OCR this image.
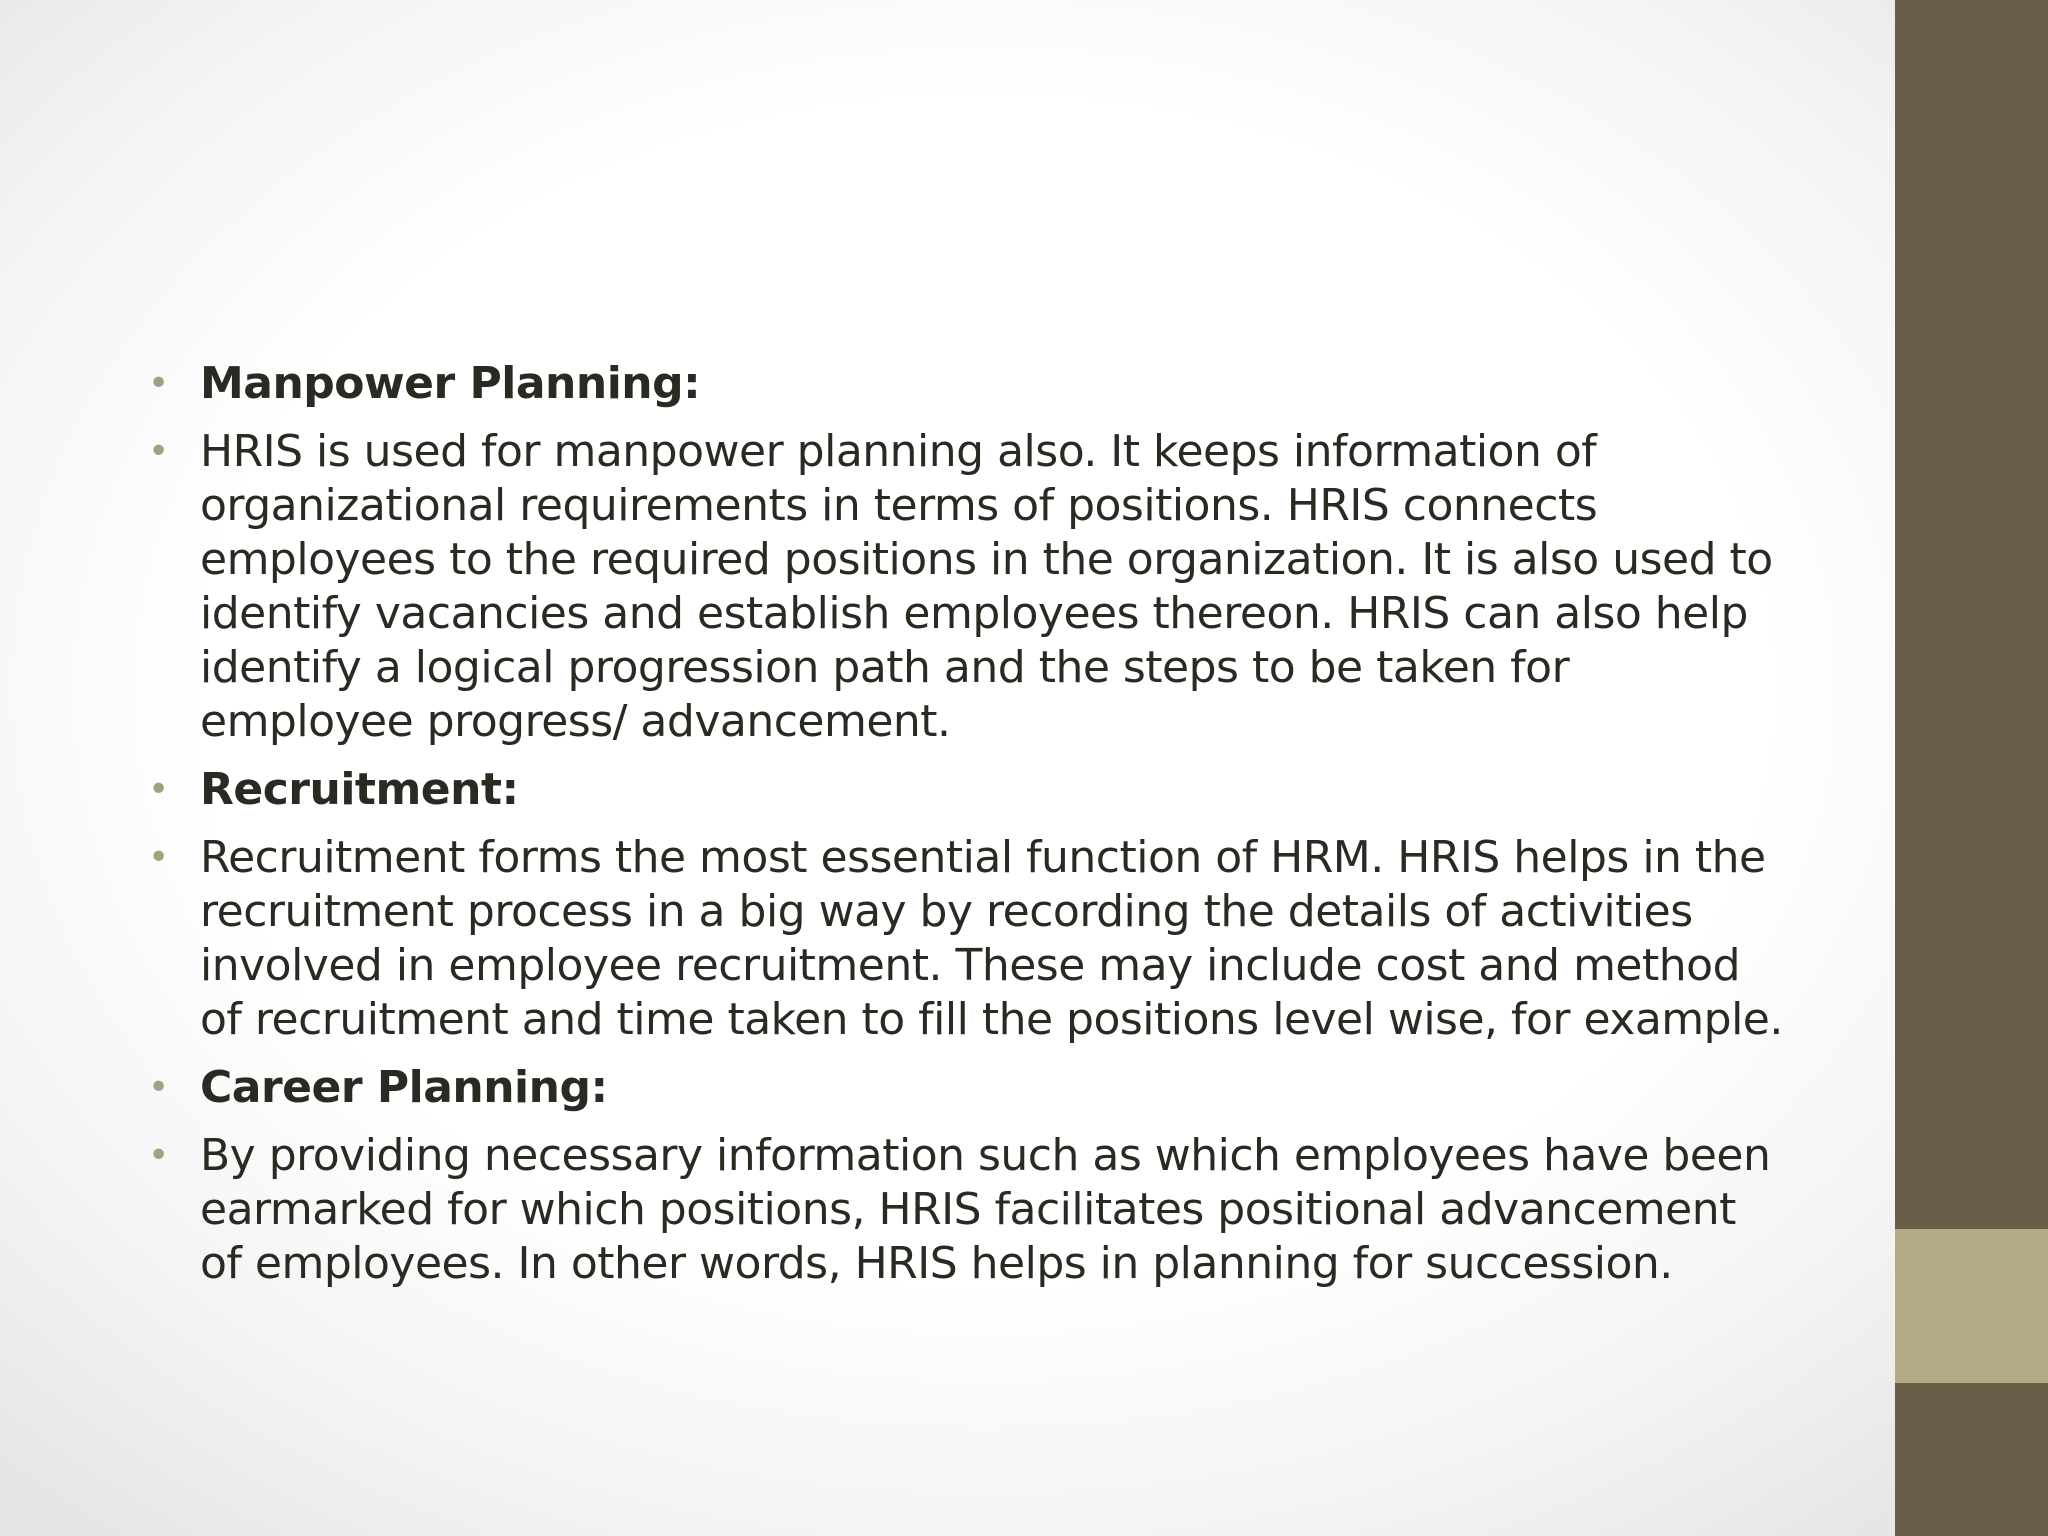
• Manpower Planning:
• HRIS is used for manpower planning also. It keeps information of organizational requirements in terms of positions. HRIS connects employees to the required positions in the organization. It is also used to identify vacancies and establish employees thereon. HRIS can also help identify a logical progression path and the steps to be taken for employee progress/ advancement.
• Recruitment:
• Recruitment forms the most essential function of HRM. HRIS helps in the recruitment process in a big way by recording the details of activities involved in employee recruitment. These may include cost and method of recruitment and time taken to fill the positions level wise, for example.
• Career Planning:
• By providing necessary information such as which employees have been earmarked for which positions, HRIS facilitates positional advancement of employees. In other words, HRIS helps in planning for succession.
